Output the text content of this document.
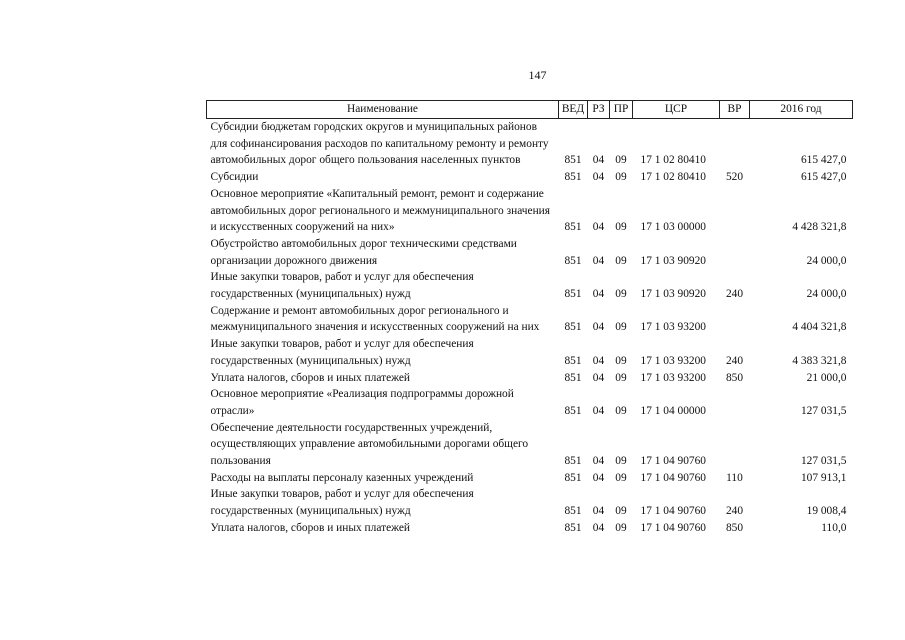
147
Наименование	ВЕД	РЗ	ПР	ЦСР	ВР	2016 год
Субсидии бюджетам городских округов и муниципальных районов для софинансирования расходов по капитальному ремонту и ремонту автомобильных дорог общего пользования населенных пунктов	851	04	09	17 1 02 80410		615 427,0
Субсидии	851	04	09	17 1 02 80410	520	615 427,0
Основное мероприятие «Капитальный ремонт, ремонт и содержание автомобильных дорог регионального и межмуниципального значения и искусственных сооружений на них»	851	04	09	17 1 03 00000		4 428 321,8
Обустройство автомобильных дорог техническими средствами организации дорожного движения	851	04	09	17 1 03 90920		24 000,0
Иные закупки товаров, работ и услуг для обеспечения государственных (муниципальных) нужд	851	04	09	17 1 03 90920	240	24 000,0
Содержание и ремонт автомобильных дорог регионального и межмуниципального значения и искусственных сооружений на них	851	04	09	17 1 03 93200		4 404 321,8
Иные закупки товаров, работ и услуг для обеспечения государственных (муниципальных) нужд	851	04	09	17 1 03 93200	240	4 383 321,8
Уплата налогов, сборов и иных платежей	851	04	09	17 1 03 93200	850	21 000,0
Основное мероприятие «Реализация подпрограммы дорожной отрасли»	851	04	09	17 1 04 00000		127 031,5
Обеспечение деятельности государственных учреждений, осуществляющих управление автомобильными дорогами общего пользования	851	04	09	17 1 04 90760		127 031,5
Расходы на выплаты персоналу казенных учреждений	851	04	09	17 1 04 90760	110	107 913,1
Иные закупки товаров, работ и услуг для обеспечения государственных (муниципальных) нужд	851	04	09	17 1 04 90760	240	19 008,4
Уплата налогов, сборов и иных платежей	851	04	09	17 1 04 90760	850	110,0
